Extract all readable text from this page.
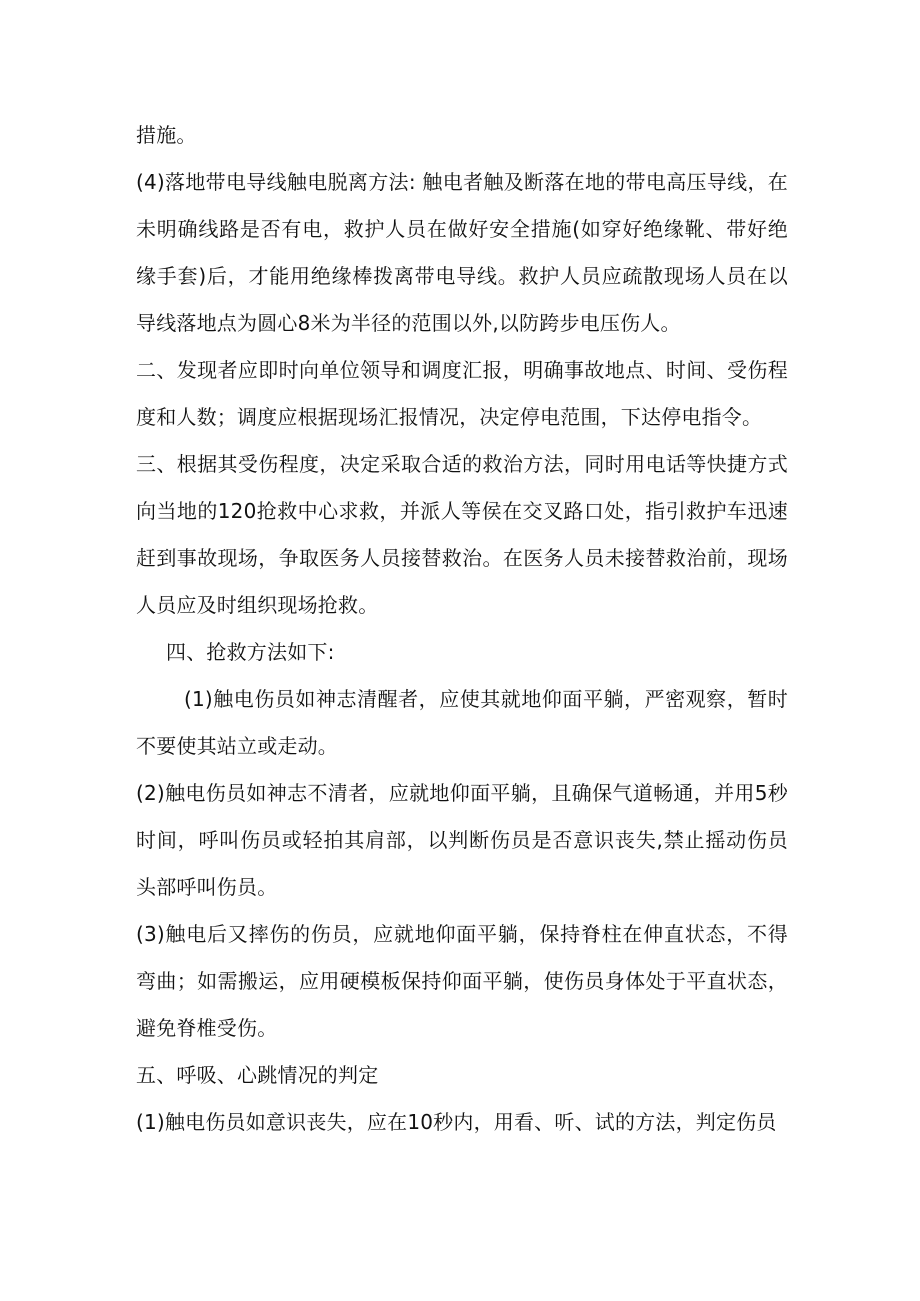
措施。

(4)落地带电导线触电脱离方法: 触电者触及断落在地的带电高压导线，在未明确线路是否有电，救护人员在做好安全措施(如穿好绝缘靴、带好绝缘手套)后，才能用绝缘棒拨离带电导线。救护人员应疏散现场人员在以导线落地点为圆心8米为半径的范围以外,以防跨步电压伤人。

二、发现者应即时向单位领导和调度汇报，明确事故地点、时间、受伤程度和人数；调度应根据现场汇报情况，决定停电范围，下达停电指令。

三、根据其受伤程度，决定采取合适的救治方法，同时用电话等快捷方式向当地的120抢救中心求救，并派人等侯在交叉路口处，指引救护车迅速赶到事故现场，争取医务人员接替救治。在医务人员未接替救治前，现场人员应及时组织现场抢救。

四、抢救方法如下:

(1)触电伤员如神志清醒者，应使其就地仰面平躺，严密观察，暂时不要使其站立或走动。

(2)触电伤员如神志不清者，应就地仰面平躺，且确保气道畅通，并用5秒时间，呼叫伤员或轻拍其肩部，以判断伤员是否意识丧失,禁止摇动伤员头部呼叫伤员。

(3)触电后又摔伤的伤员，应就地仰面平躺，保持脊柱在伸直状态，不得弯曲；如需搬运，应用硬模板保持仰面平躺，使伤员身体处于平直状态，避免脊椎受伤。

五、呼吸、心跳情况的判定

(1)触电伤员如意识丧失，应在10秒内，用看、听、试的方法，判定伤员
